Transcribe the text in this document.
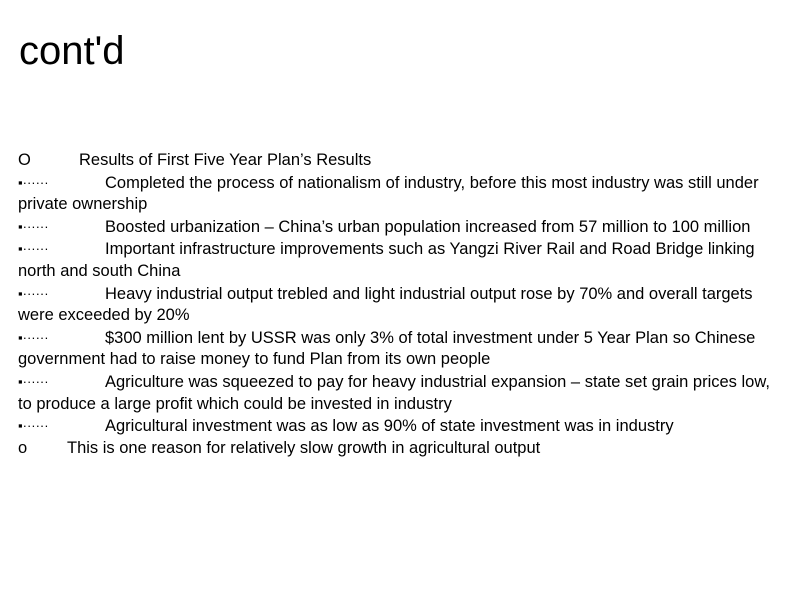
cont'd

O	Results of First Five Year Plan’s Results

▪······	Completed the process of nationalism of industry, before this most industry was still under private ownership

▪······	Boosted urbanization – China’s urban population increased from 57 million to 100 million

▪······	Important infrastructure improvements such as Yangzi River Rail and Road Bridge linking north and south China

▪······	Heavy industrial output trebled and light industrial output rose by 70% and overall targets were exceeded by 20%

▪······	$300 million lent by USSR was only 3% of total investment under 5 Year Plan so Chinese government had to raise money to fund Plan from its own people

▪······	Agriculture was squeezed to pay for heavy industrial expansion – state set grain prices low, to produce a large profit which could be invested in industry

▪······	Agricultural investment was as low as 90% of state investment was in industry

o This is one reason for relatively slow growth in agricultural output
